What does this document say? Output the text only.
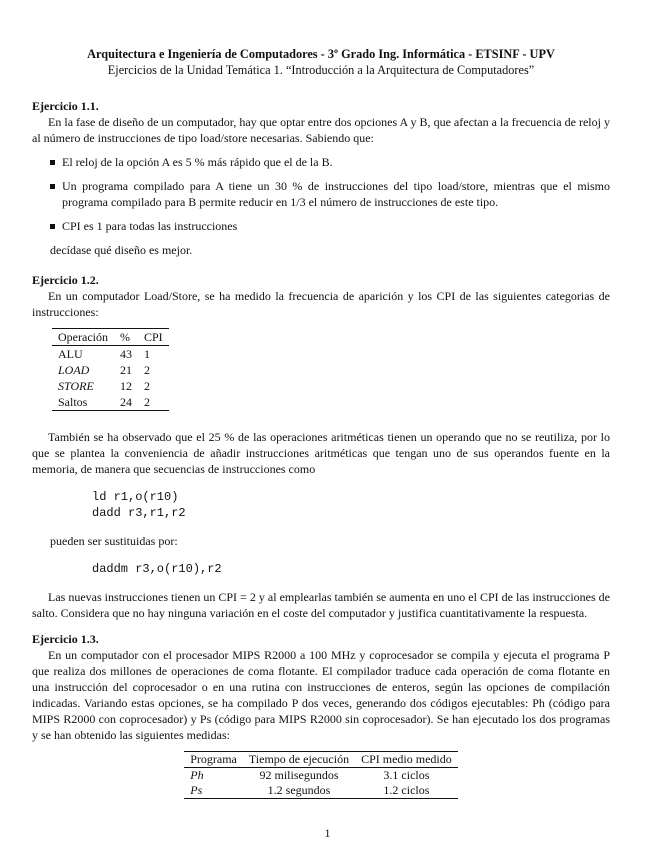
Arquitectura e Ingeniería de Computadores - 3º Grado Ing. Informática - ETSINF - UPV
Ejercicios de la Unidad Temática 1. “Introducción a la Arquitectura de Computadores”
Ejercicio 1.1.

En la fase de diseño de un computador, hay que optar entre dos opciones A y B, que afectan a la frecuencia de reloj y al número de instrucciones de tipo load/store necesarias. Sabiendo que:

El reloj de la opción A es 5 % más rápido que el de la B.
Un programa compilado para A tiene un 30 % de instrucciones del tipo load/store, mientras que el mismo programa compilado para B permite reducir en 1/3 el número de instrucciones de este tipo.
CPI es 1 para todas las instrucciones

decídase qué diseño es mejor.

Ejercicio 1.2.

En un computador Load/Store, se ha medido la frecuencia de aparición y los CPI de las siguientes categorias de instrucciones:

Operación	%	CPI
ALU	43	1
LOAD	21	2
STORE	12	2
Saltos	24	2

También se ha observado que el 25 % de las operaciones aritméticas tienen un operando que no se reutiliza, por lo que se plantea la conveniencia de añadir instrucciones aritméticas que tengan uno de sus operandos fuente en la memoria, de manera que secuencias de instrucciones como

ld r1,o(r10)
dadd r3,r1,r2

pueden ser sustituidas por:

daddm r3,o(r10),r2

Las nuevas instrucciones tienen un CPI = 2 y al emplearlas también se aumenta en uno el CPI de las instrucciones de salto. Considera que no hay ninguna variación en el coste del computador y justifica cuantitativamente la respuesta.

Ejercicio 1.3.

En un computador con el procesador MIPS R2000 a 100 MHz y coprocesador se compila y ejecuta el programa P que realiza dos millones de operaciones de coma flotante. El compilador traduce cada operación de coma flotante en una instrucción del coprocesador o en una rutina con instrucciones de enteros, según las opciones de compilación indicadas. Variando estas opciones, se ha compilado P dos veces, generando dos códigos ejecutables: Ph (código para MIPS R2000 con coprocesador) y Ps (código para MIPS R2000 sin coprocesador). Se han ejecutado los dos programas y se han obtenido las siguientes medidas:

Programa	Tiempo de ejecución	CPI medio medido
Ph	92 milisegundos	3.1 ciclos
Ps	1.2 segundos	1.2 ciclos
1
